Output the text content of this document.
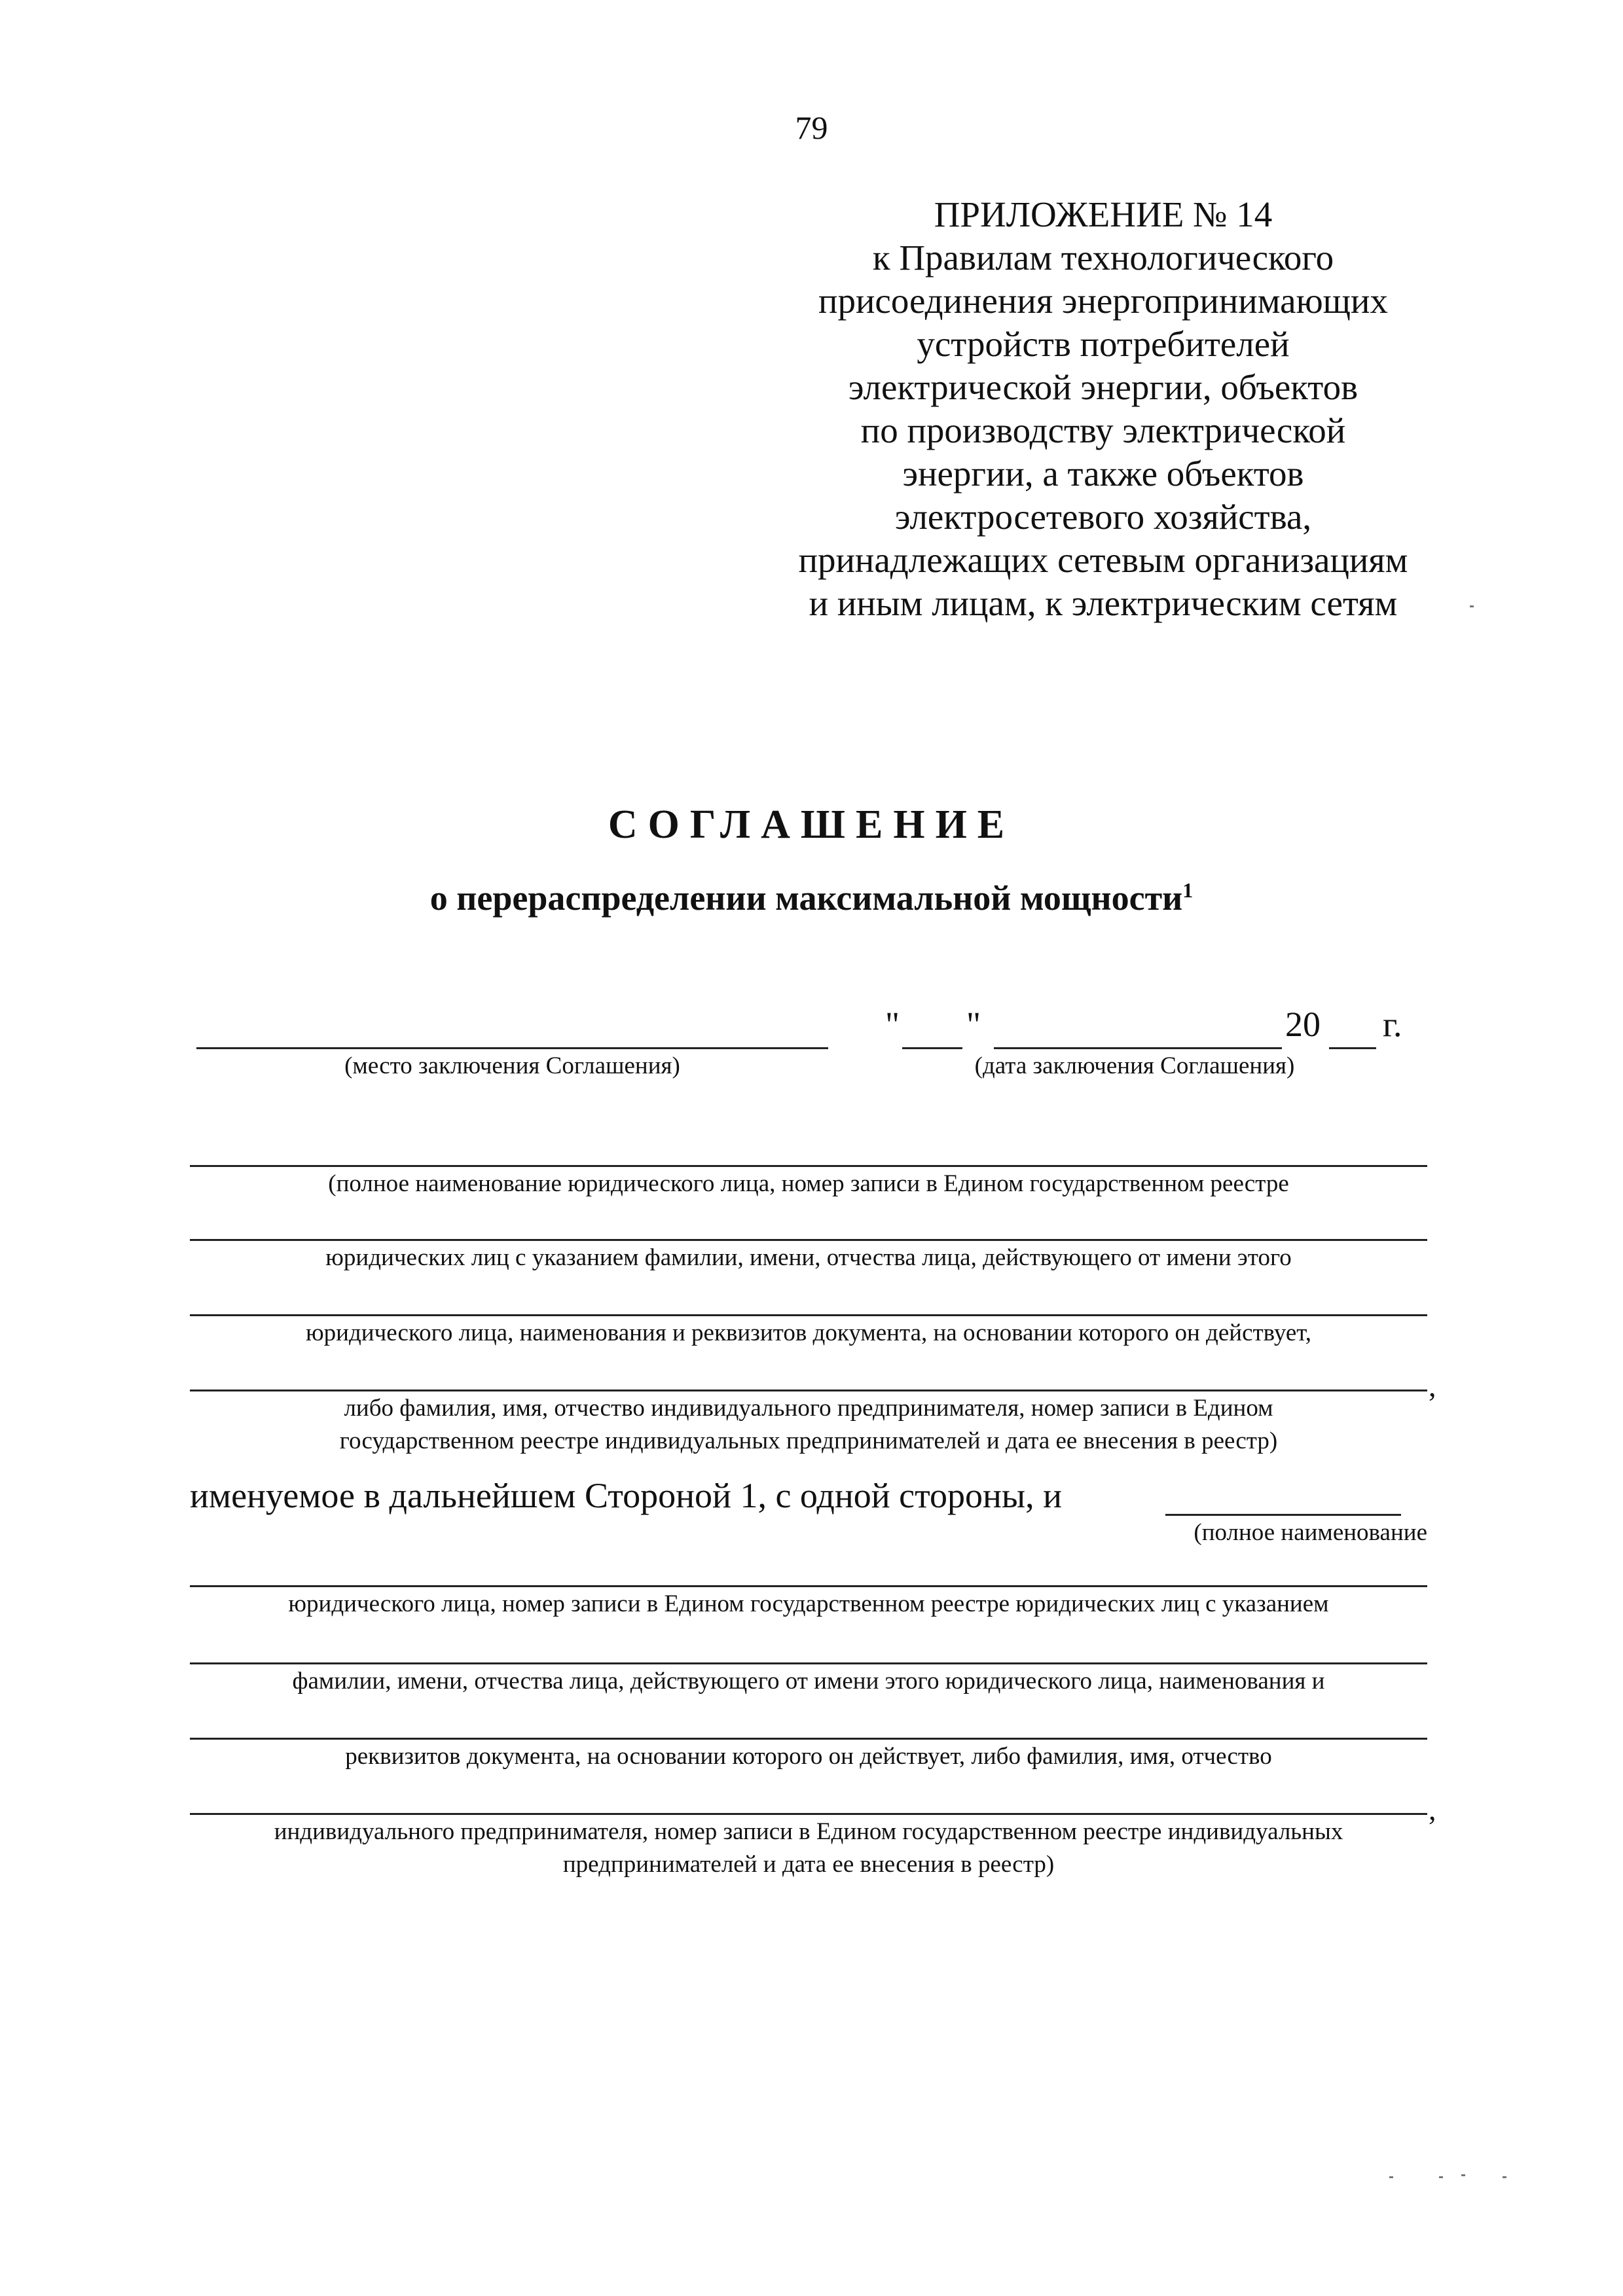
79
ПРИЛОЖЕНИЕ № 14
к Правилам технологического
присоединения энергопринимающих
устройств потребителей
электрической энергии, объектов
по производству электрической
энергии, а также объектов
электросетевого хозяйства,
принадлежащих сетевым организациям
и иным лицам, к электрическим сетям
СОГЛАШЕНИЕ
о перераспределении максимальной мощности$^1$
(место заключения Соглашения)
" "	20 г.
(дата заключения Соглашения)
(полное наименование юридического лица, номер записи в Едином государственном реестре
юридических лиц с указанием фамилии, имени, отчества лица, действующего от имени этого
юридического лица, наименования и реквизитов документа, на основании которого он действует,
,
либо фамилия, имя, отчество индивидуального предпринимателя, номер записи в Едином
государственном реестре индивидуальных предпринимателей и дата ее внесения в реестр)
именуемое в дальнейшем Стороной 1, с одной стороны, и
(полное наименование
юридического лица, номер записи в Едином государственном реестре юридических лиц с указанием
фамилии, имени, отчества лица, действующего от имени этого юридического лица, наименования и
реквизитов документа, на основании которого он действует, либо фамилия, имя, отчество
,
индивидуального предпринимателя, номер записи в Едином государственном реестре индивидуальных
предпринимателей и дата ее внесения в реестр)
